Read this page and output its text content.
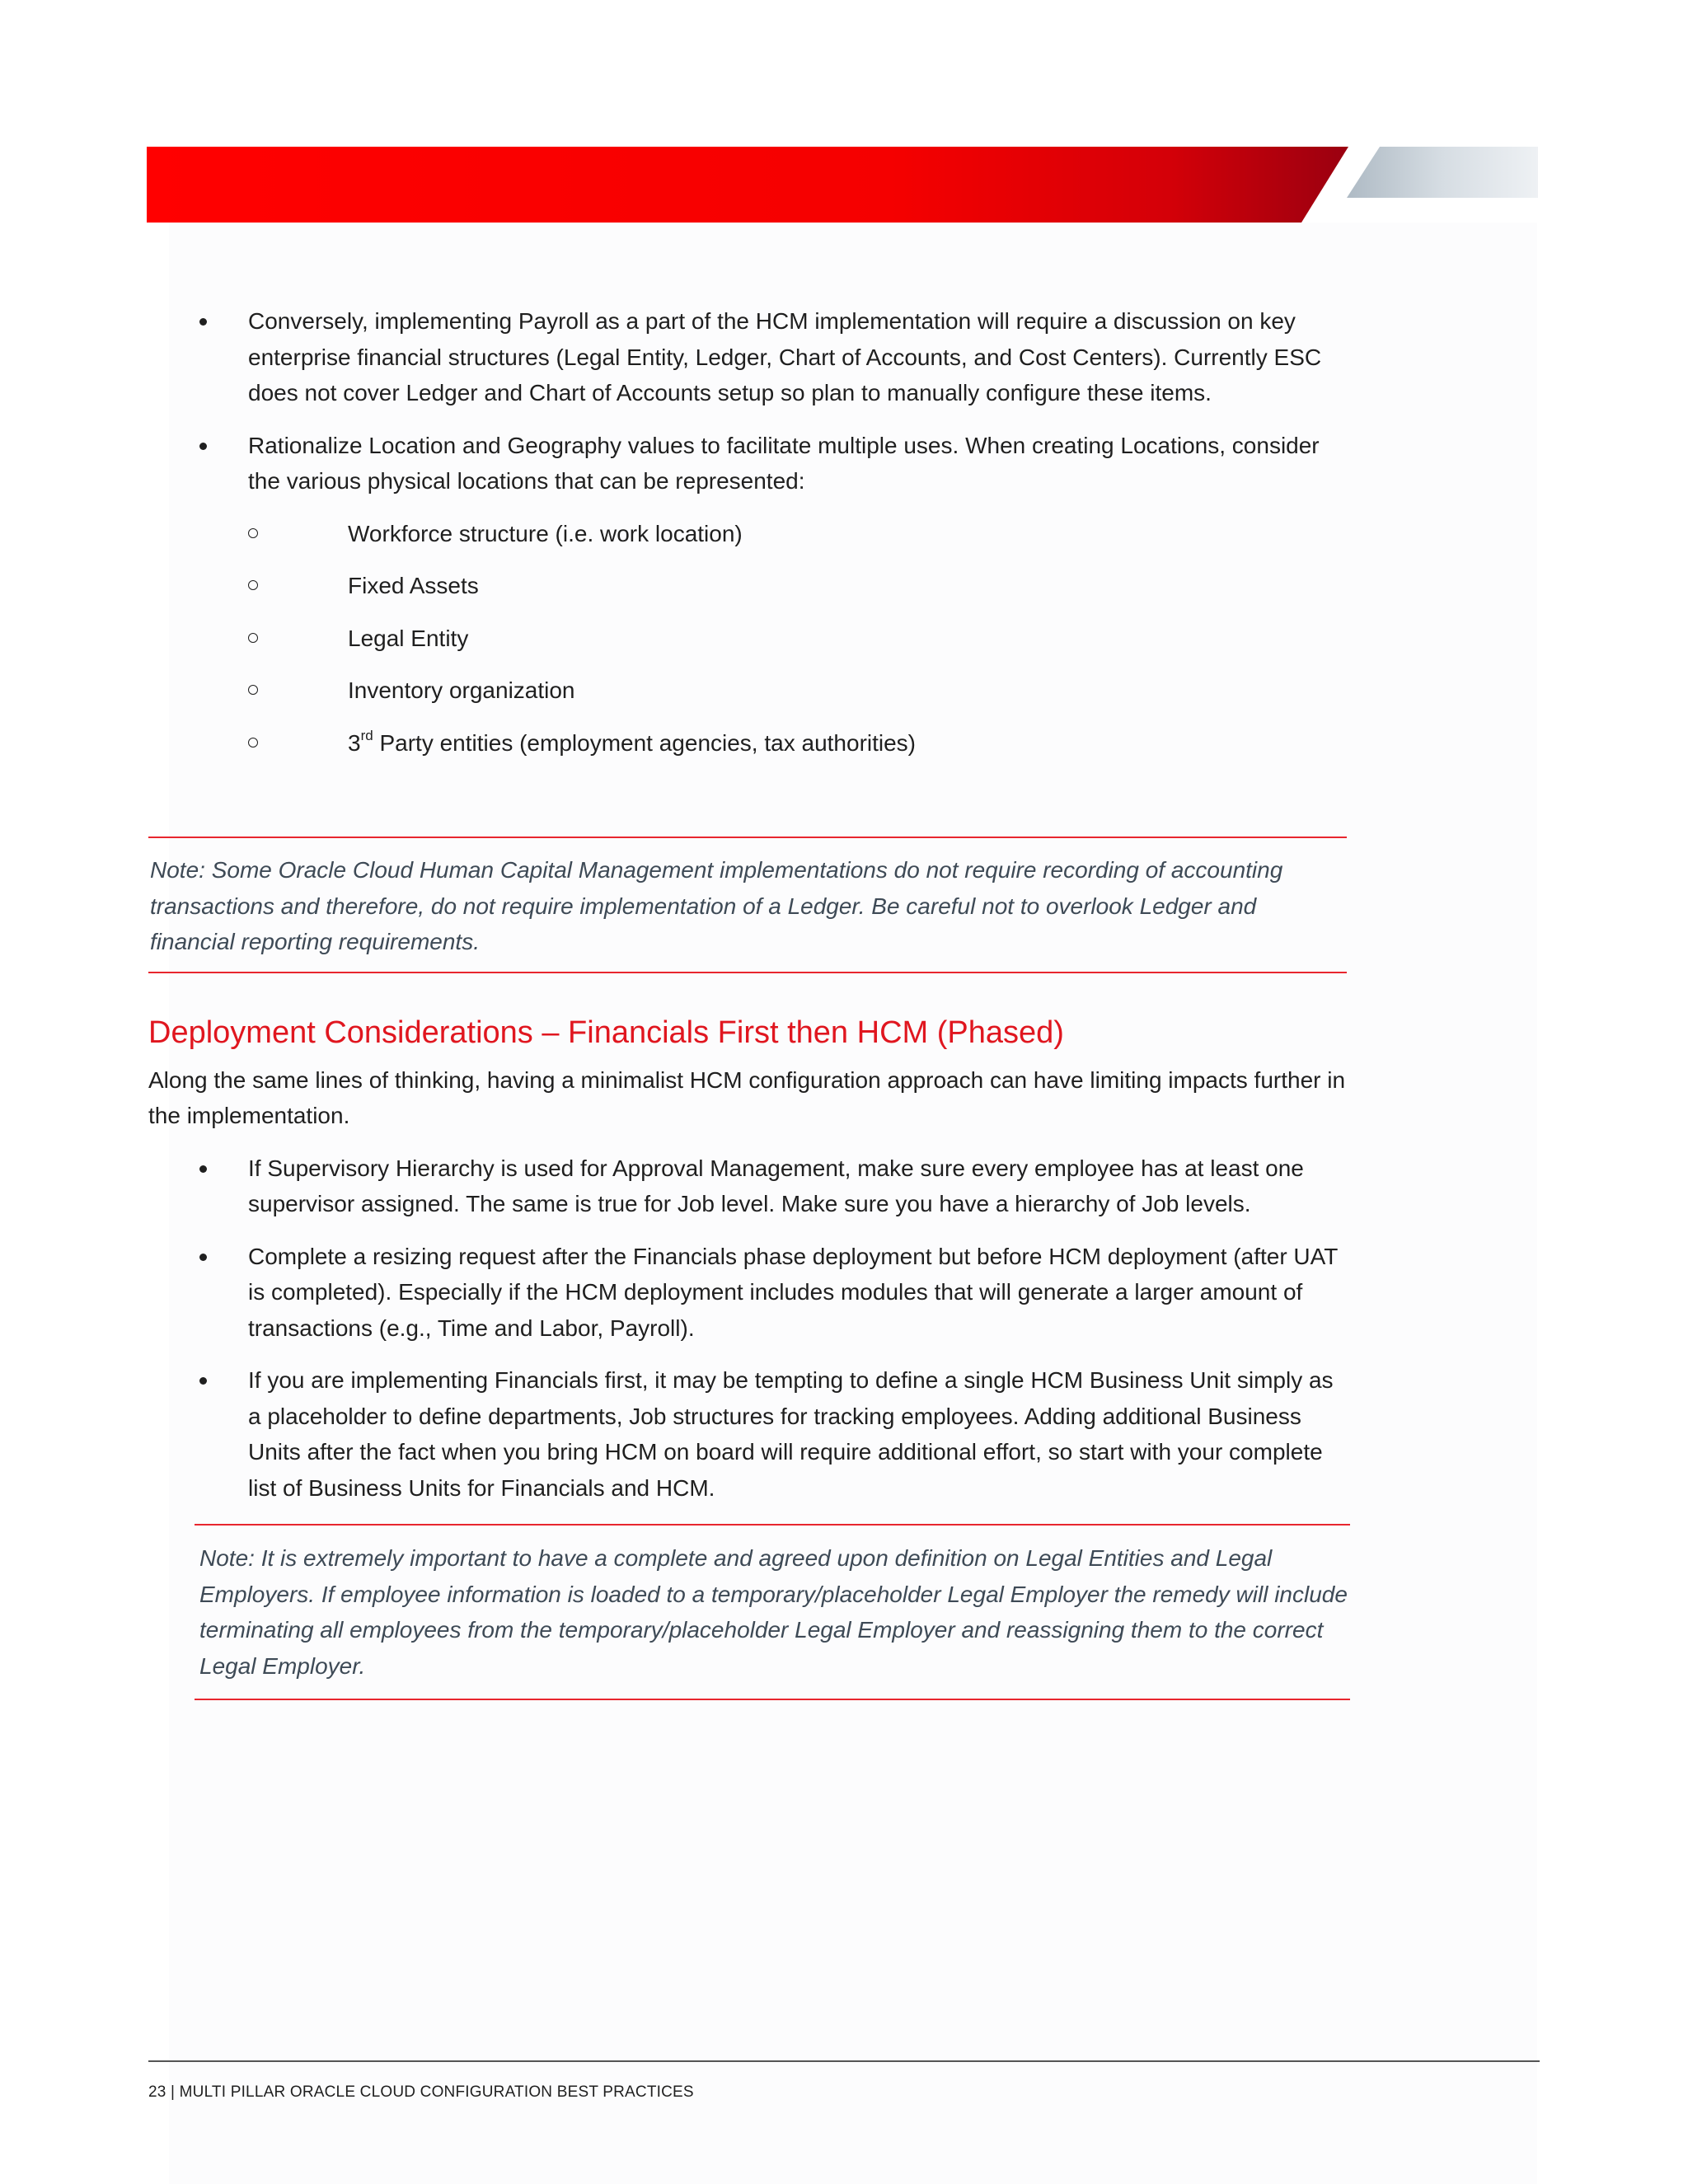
Conversely, implementing Payroll as a part of the HCM implementation will require a discussion on key enterprise financial structures (Legal Entity, Ledger, Chart of Accounts, and Cost Centers). Currently ESC does not cover Ledger and Chart of Accounts setup so plan to manually configure these items.
Rationalize Location and Geography values to facilitate multiple uses. When creating Locations, consider the various physical locations that can be represented:
Workforce structure (i.e. work location)
Fixed Assets
Legal Entity
Inventory organization
3rd Party entities (employment agencies, tax authorities)
Note: Some Oracle Cloud Human Capital Management implementations do not require recording of accounting transactions and therefore, do not require implementation of a Ledger. Be careful not to overlook Ledger and financial reporting requirements.
Deployment Considerations – Financials First then HCM (Phased)

Along the same lines of thinking, having a minimalist HCM configuration approach can have limiting impacts further in the implementation.

If Supervisory Hierarchy is used for Approval Management, make sure every employee has at least one supervisor assigned. The same is true for Job level. Make sure you have a hierarchy of Job levels.
Complete a resizing request after the Financials phase deployment but before HCM deployment (after UAT is completed). Especially if the HCM deployment includes modules that will generate a larger amount of transactions (e.g., Time and Labor, Payroll).
If you are implementing Financials first, it may be tempting to define a single HCM Business Unit simply as a placeholder to define departments, Job structures for tracking employees. Adding additional Business Units after the fact when you bring HCM on board will require additional effort, so start with your complete list of Business Units for Financials and HCM.
Note: It is extremely important to have a complete and agreed upon definition on Legal Entities and Legal Employers. If employee information is loaded to a temporary/placeholder Legal Employer the remedy will include terminating all employees from the temporary/placeholder Legal Employer and reassigning them to the correct Legal Employer.
23 | MULTI PILLAR ORACLE CLOUD CONFIGURATION BEST PRACTICES
